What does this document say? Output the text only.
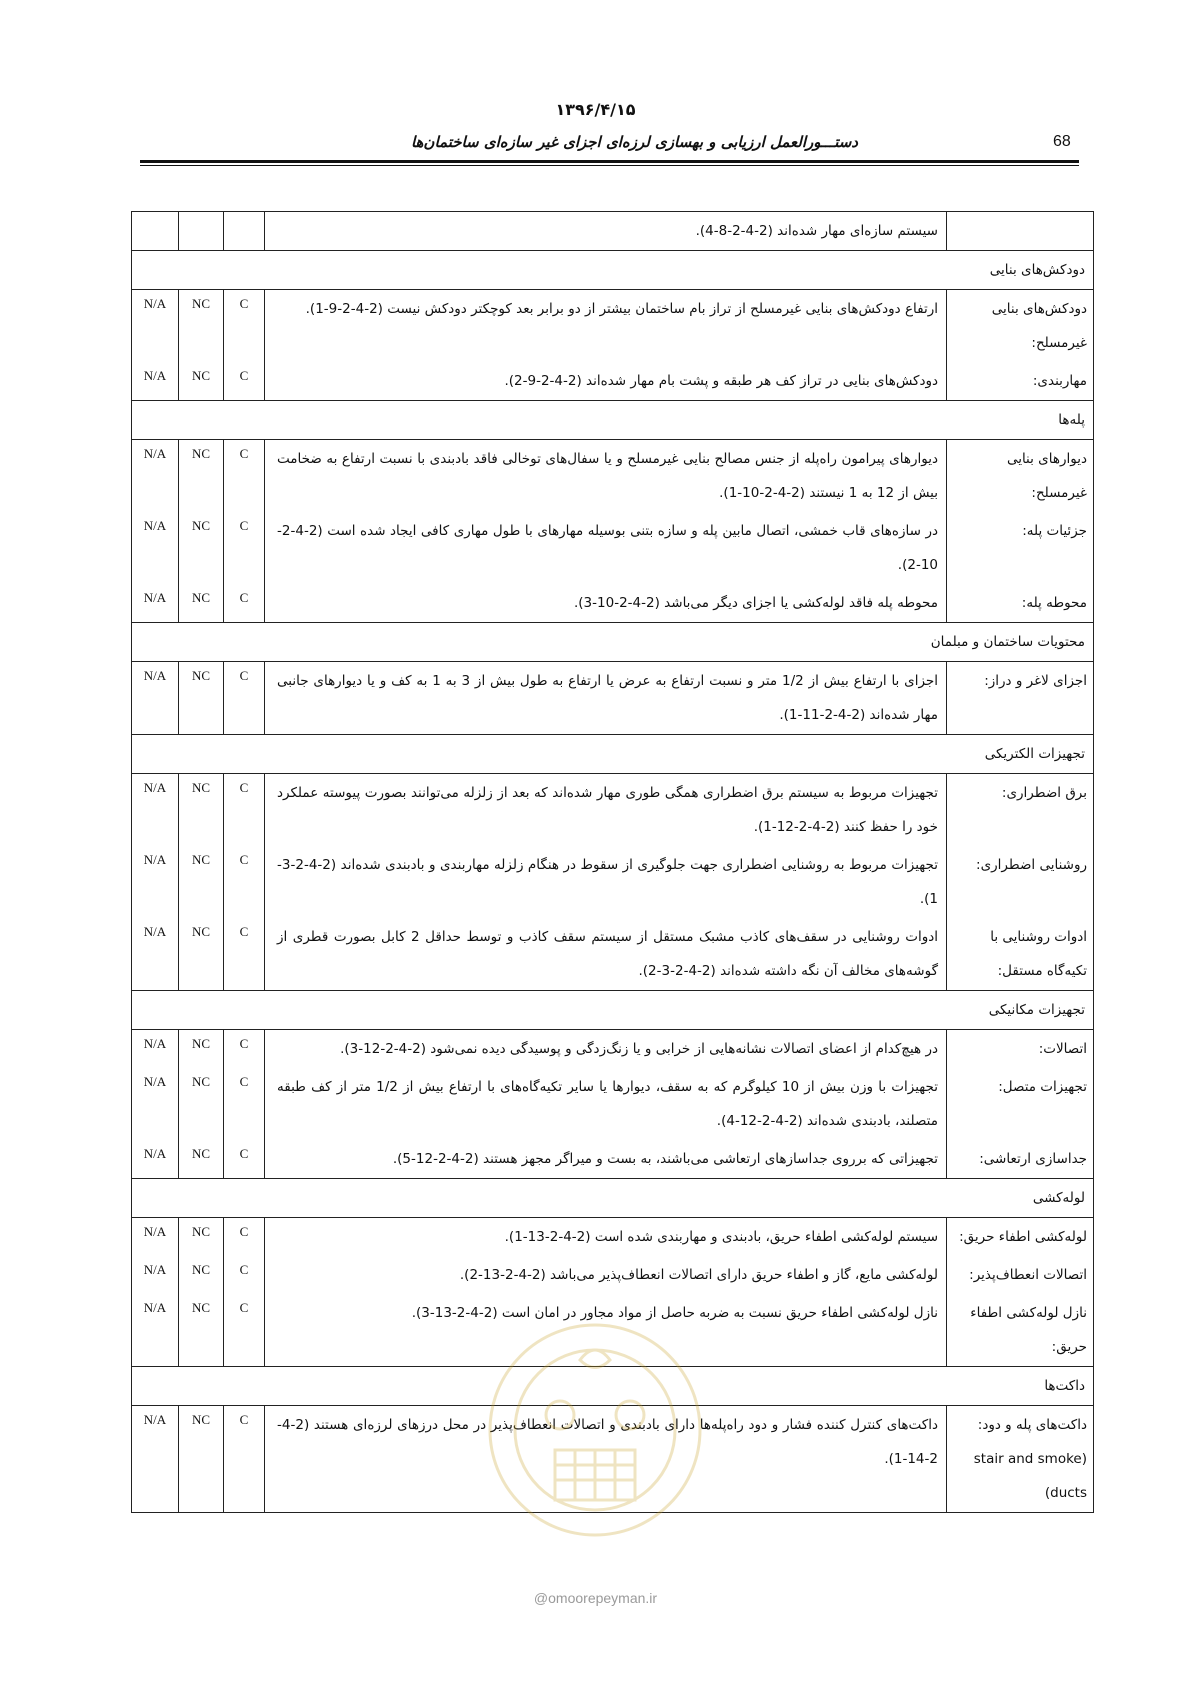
۱۳۹۶/۴/۱۵
68
دستـــورالعمل ارزیابی و بهسازی لرزه‌ای اجزای غیر سازه‌ای ساختمان‌ها
	سیستم سازه‌ای مهار شده‌اند (2-4-2-8-4).			
دودکش‌های بنایی				
دودکش‌های بنایی غیرمسلح:	ارتفاع دودکش‌های بنایی غیرمسلح از تراز بام ساختمان بیشتر از دو برابر بعد کوچکتر دودکش نیست (2-4-2-9-1).	C	NC	N/A
مهاربندی:	دودکش‌های بنایی در تراز کف هر طبقه و پشت بام مهار شده‌اند (2-4-2-9-2).	C	NC	N/A
پله‌ها				
دیوارهای بنایی غیرمسلح:	دیوارهای پیرامون راه‌پله از جنس مصالح بنایی غیرمسلح و یا سفال‌های توخالی فاقد بادبندی با نسبت ارتفاع به ضخامت بیش از 12 به 1 نیستند (2-4-2-10-1).	C	NC	N/A
جزئیات پله:	در سازه‌های قاب خمشی، اتصال مابین پله و سازه بتنی بوسیله مهارهای با طول مهاری کافی ایجاد شده است (2-4-2-10-2).	C	NC	N/A
محوطه پله:	محوطه پله فاقد لوله‌کشی یا اجزای دیگر می‌باشد (2-4-2-10-3).	C	NC	N/A
محتویات ساختمان و مبلمان				
اجزای لاغر و دراز:	اجزای با ارتفاع بیش از 1/2 متر و نسبت ارتفاع به عرض یا ارتفاع به طول بیش از 3 به 1 به کف و یا دیوارهای جانبی مهار شده‌اند (2-4-2-11-1).	C	NC	N/A
تجهیزات الکتریکی				
برق اضطراری:	تجهیزات مربوط به سیستم برق اضطراری همگی طوری مهار شده‌اند که بعد از زلزله می‌توانند بصورت پیوسته عملکرد خود را حفظ کنند (2-4-2-12-1).	C	NC	N/A
روشنایی اضطراری:	تجهیزات مربوط به روشنایی اضطراری جهت جلوگیری از سقوط در هنگام زلزله مهاربندی و بادبندی شده‌اند (2-4-2-3-1).	C	NC	N/A
ادوات روشنایی با تکیه‌گاه مستقل:	ادوات روشنایی در سقف‌های کاذب مشبک مستقل از سیستم سقف کاذب و توسط حداقل 2 کابل بصورت قطری از گوشه‌های مخالف آن نگه داشته شده‌اند (2-4-2-3-2).	C	NC	N/A
تجهیزات مکانیکی				
اتصالات:	در هیچ‌کدام از اعضای اتصالات نشانه‌هایی از خرابی و یا زنگ‌زدگی و پوسیدگی دیده نمی‌شود (2-4-2-12-3).	C	NC	N/A
تجهیزات متصل:	تجهیزات با وزن بیش از 10 کیلوگرم که به سقف، دیوارها یا سایر تکیه‌گاه‌های با ارتفاع بیش از 1/2 متر از کف طبقه متصلند، بادبندی شده‌اند (2-4-2-12-4).	C	NC	N/A
جداسازی ارتعاشی:	تجهیزاتی که برروی جداسازهای ارتعاشی می‌باشند، به بست و میراگر مجهز هستند (2-4-2-12-5).	C	NC	N/A
لوله‌کشی				
لوله‌کشی اطفاء حریق:	سیستم لوله‌کشی اطفاء حریق، بادبندی و مهاربندی شده است (2-4-2-13-1).	C	NC	N/A
اتصالات انعطاف‌پذیر:	لوله‌کشی مایع، گاز و اطفاء حریق دارای اتصالات انعطاف‌پذیر می‌باشد (2-4-2-13-2).	C	NC	N/A
نازل لوله‌کشی اطفاء حریق:	نازل لوله‌کشی اطفاء حریق نسبت به ضربه حاصل از مواد مجاور در امان است (2-4-2-13-3).	C	NC	N/A
داکت‌ها				
داکت‌های پله و دود: (stair and smoke ducts)	داکت‌های کنترل کننده فشار و دود راه‌پله‌ها دارای بادبندی و اتصالات انعطاف‌پذیر در محل درزهای لرزه‌ای هستند (2-4-2-14-1).	C	NC	N/A
@omoorepeyman.ir
